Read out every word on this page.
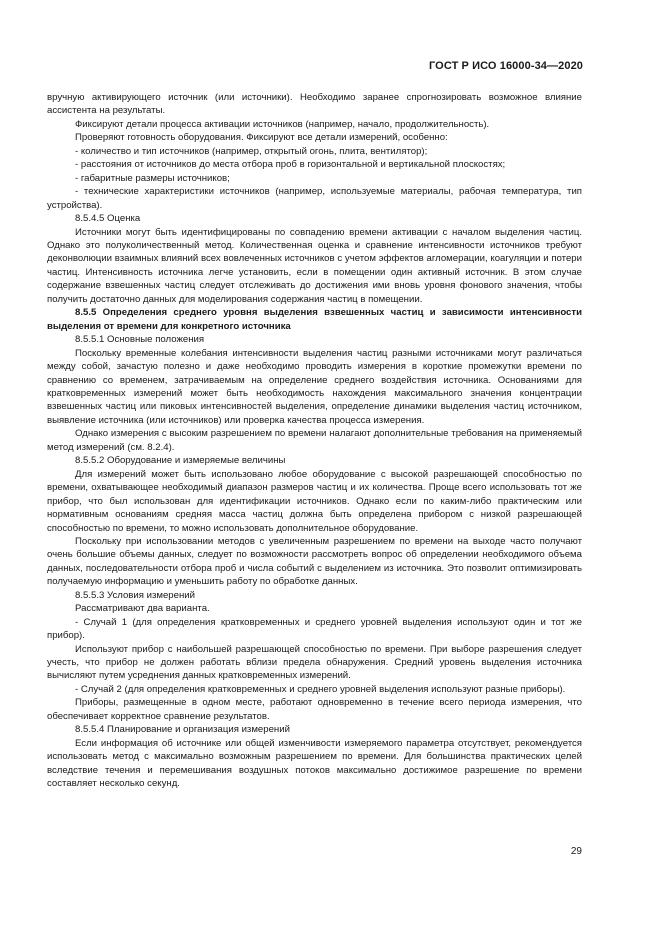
ГОСТ Р ИСО 16000-34—2020

вручную активирующего источник (или источники). Необходимо заранее спрогнозировать возможное влияние ассистента на результаты.

Фиксируют детали процесса активации источников (например, начало, продолжительность).

Проверяют готовность оборудования. Фиксируют все детали измерений, особенно:

- количество и тип источников (например, открытый огонь, плита, вентилятор);

- расстояния от источников до места отбора проб в горизонтальной и вертикальной плоскостях;

- габаритные размеры источников;

- технические характеристики источников (например, используемые материалы, рабочая температура, тип устройства).

8.5.4.5 Оценка

Источники могут быть идентифицированы по совпадению времени активации с началом выделения частиц. Однако это полуколичественный метод. Количественная оценка и сравнение интенсивности источников требуют деконволюции взаимных влияний всех вовлеченных источников с учетом эффектов агломерации, коагуляции и потери частиц. Интенсивность источника легче установить, если в помещении один активный источник. В этом случае содержание взвешенных частиц следует отслеживать до достижения ими вновь уровня фонового значения, чтобы получить достаточно данных для моделирования содержания частиц в помещении.

8.5.5 Определения среднего уровня выделения взвешенных частиц и зависимости интенсивности выделения от времени для конкретного источника

8.5.5.1 Основные положения

Поскольку временные колебания интенсивности выделения частиц разными источниками могут различаться между собой, зачастую полезно и даже необходимо проводить измерения в короткие промежутки времени по сравнению со временем, затрачиваемым на определение среднего воздействия источника. Основаниями для кратковременных измерений может быть необходимость нахождения максимального значения концентрации взвешенных частиц или пиковых интенсивностей выделения, определение динамики выделения частиц источником, выявление источника (или источников) или проверка качества процесса измерения.

Однако измерения с высоким разрешением по времени налагают дополнительные требования на применяемый метод измерений (см. 8.2.4).

8.5.5.2 Оборудование и измеряемые величины

Для измерений может быть использовано любое оборудование с высокой разрешающей способностью по времени, охватывающее необходимый диапазон размеров частиц и их количества. Проще всего использовать тот же прибор, что был использован для идентификации источников. Однако если по каким-либо практическим или нормативным основаниям средняя масса частиц должна быть определена прибором с низкой разрешающей способностью по времени, то можно использовать дополнительное оборудование.

Поскольку при использовании методов с увеличенным разрешением по времени на выходе часто получают очень большие объемы данных, следует по возможности рассмотреть вопрос об определении необходимого объема данных, последовательности отбора проб и числа событий с выделением из источника. Это позволит оптимизировать получаемую информацию и уменьшить работу по обработке данных.

8.5.5.3 Условия измерений

Рассматривают два варианта.

- Случай 1 (для определения кратковременных и среднего уровней выделения используют один и тот же прибор).

Используют прибор с наибольшей разрешающей способностью по времени. При выборе разрешения следует учесть, что прибор не должен работать вблизи предела обнаружения. Средний уровень выделения источника вычисляют путем усреднения данных кратковременных измерений.

- Случай 2 (для определения кратковременных и среднего уровней выделения используют разные приборы).

Приборы, размещенные в одном месте, работают одновременно в течение всего периода измерения, что обеспечивает корректное сравнение результатов.

8.5.5.4 Планирование и организация измерений

Если информация об источнике или общей изменчивости измеряемого параметра отсутствует, рекомендуется использовать метод с максимально возможным разрешением по времени. Для большинства практических целей вследствие течения и перемешивания воздушных потоков максимально достижимое разрешение по времени составляет несколько секунд.

29
